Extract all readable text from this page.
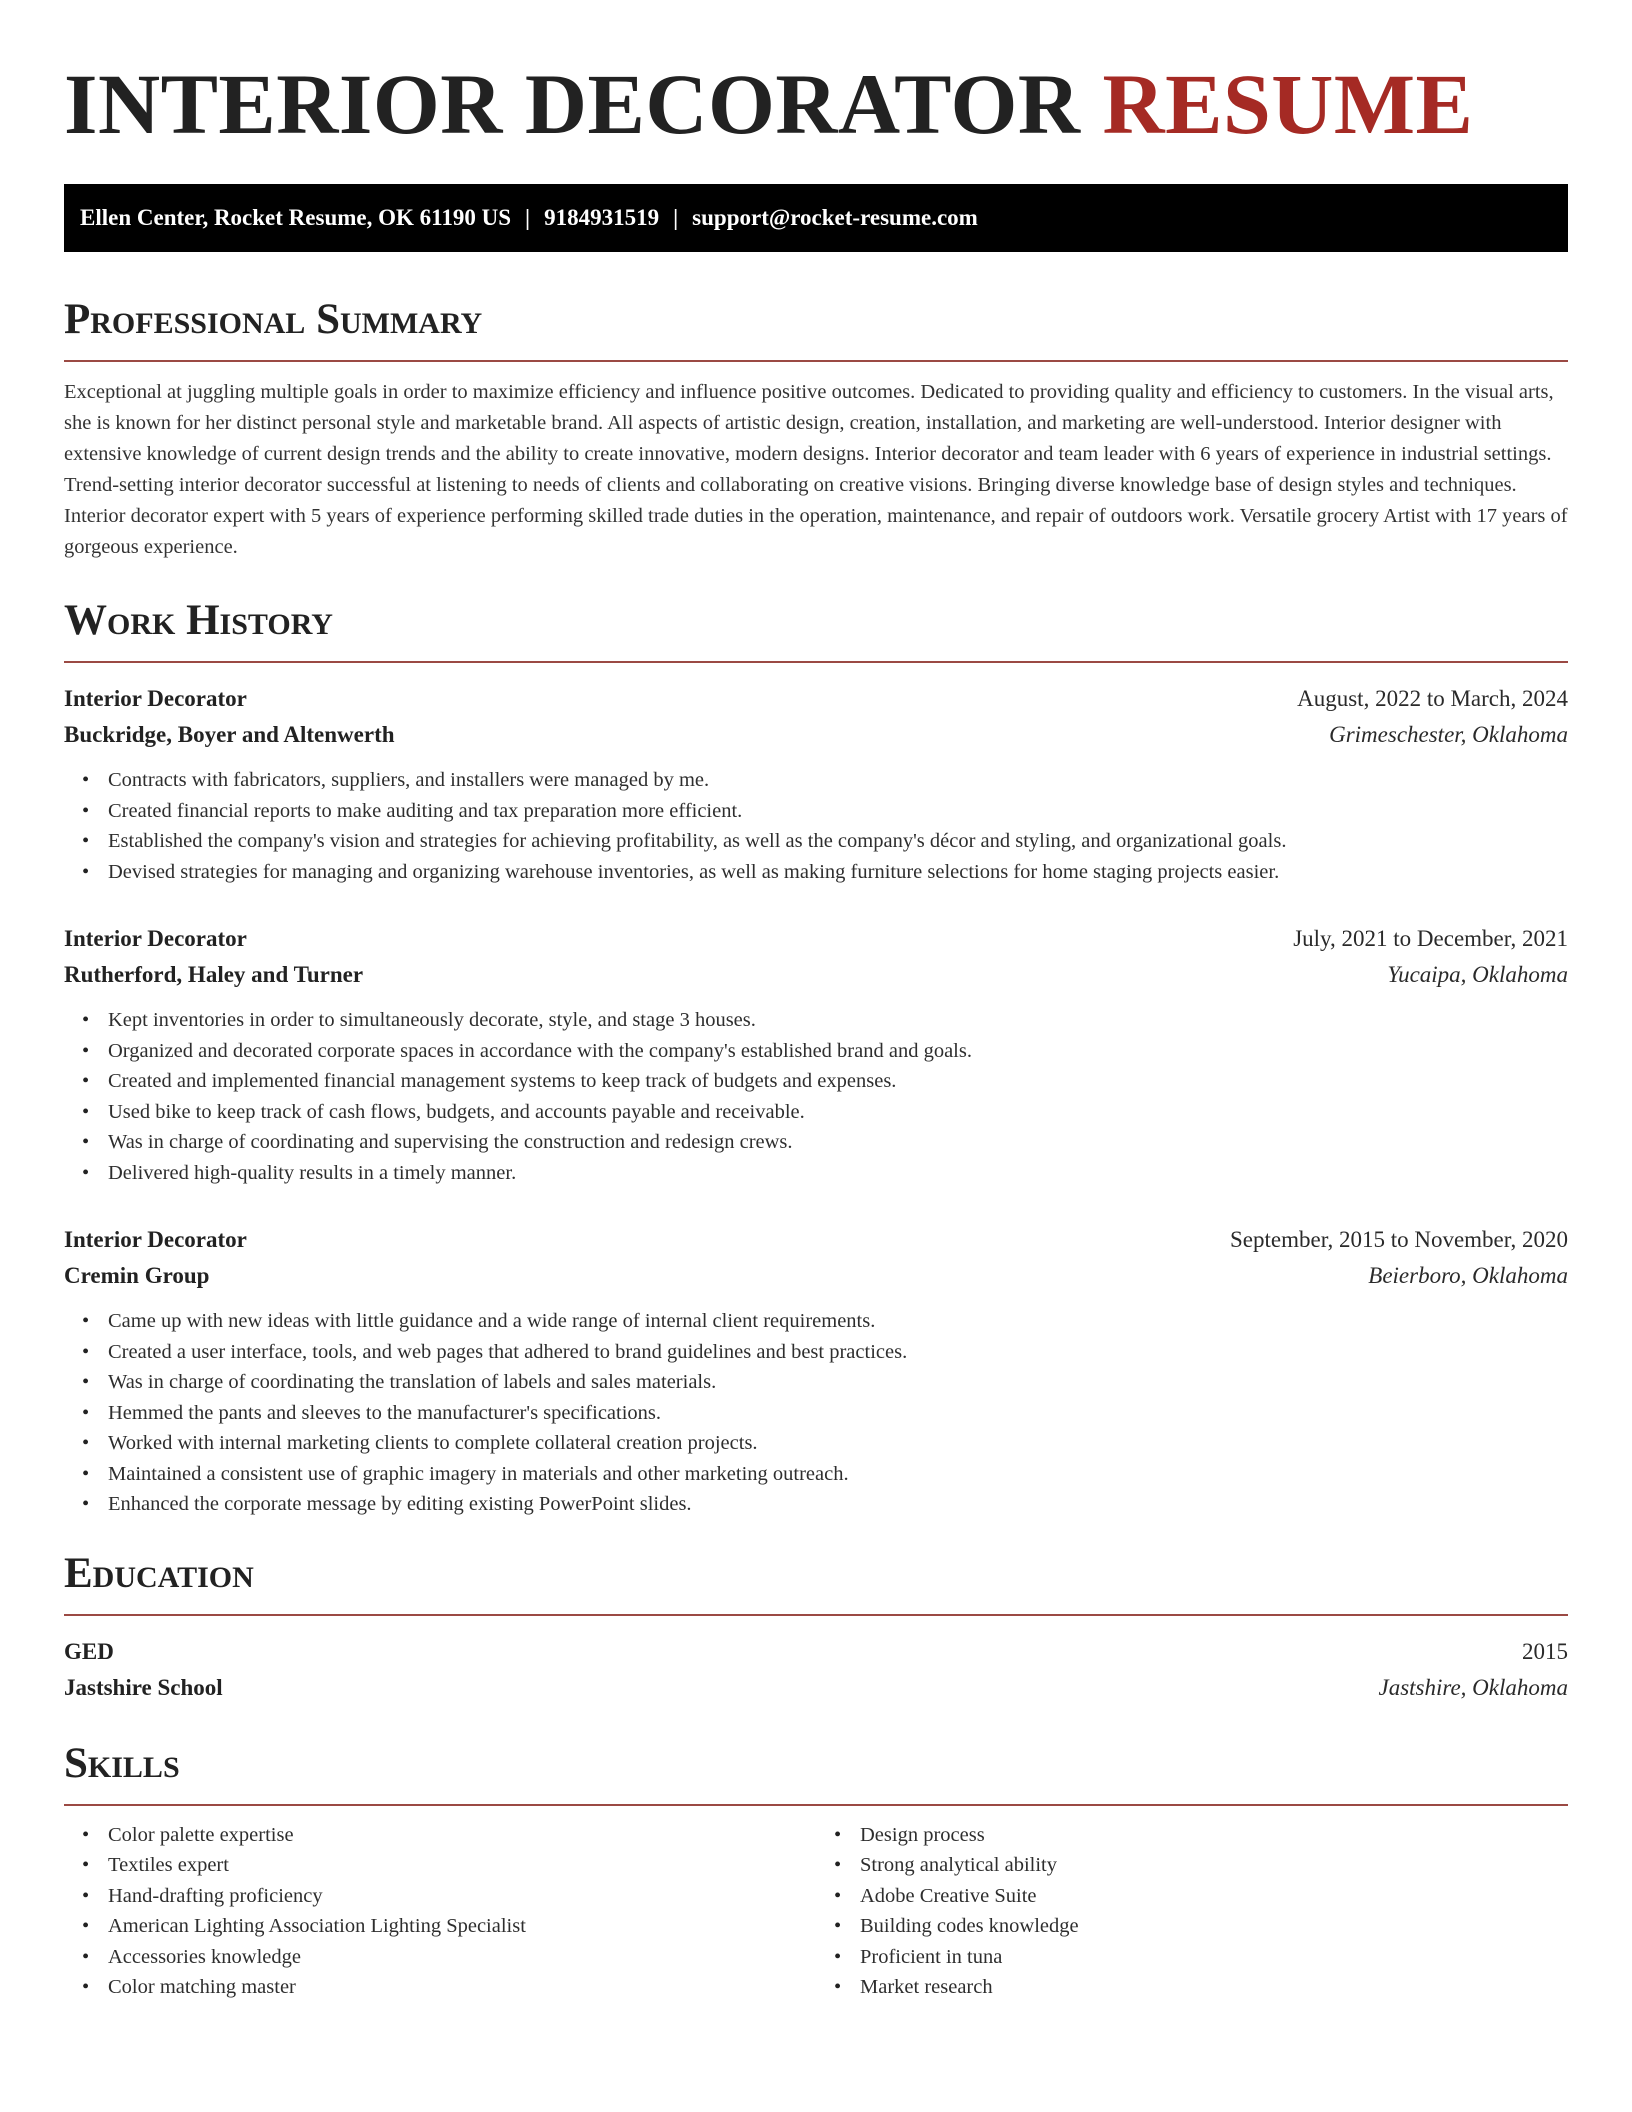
INTERIOR DECORATOR RESUME
Ellen Center, Rocket Resume, OK 61190 US | 9184931519 | support@rocket-resume.com
Professional Summary

Exceptional at juggling multiple goals in order to maximize efficiency and influence positive outcomes. Dedicated to providing quality and efficiency to customers. In the visual arts, she is known for her distinct personal style and marketable brand. All aspects of artistic design, creation, installation, and marketing are well-understood. Interior designer with extensive knowledge of current design trends and the ability to create innovative, modern designs. Interior decorator and team leader with 6 years of experience in industrial settings. Trend-setting interior decorator successful at listening to needs of clients and collaborating on creative visions. Bringing diverse knowledge base of design styles and techniques. Interior decorator expert with 5 years of experience performing skilled trade duties in the operation, maintenance, and repair of outdoors work. Versatile grocery Artist with 17 years of gorgeous experience.

Work History
Interior Decorator	August, 2022 to March, 2024
Buckridge, Boyer and Altenwerth	Grimeschester, Oklahoma
• Contracts with fabricators, suppliers, and installers were managed by me.
• Created financial reports to make auditing and tax preparation more efficient.
• Established the company's vision and strategies for achieving profitability, as well as the company's décor and styling, and organizational goals.
• Devised strategies for managing and organizing warehouse inventories, as well as making furniture selections for home staging projects easier.
Interior Decorator	July, 2021 to December, 2021
Rutherford, Haley and Turner	Yucaipa, Oklahoma
• Kept inventories in order to simultaneously decorate, style, and stage 3 houses.
• Organized and decorated corporate spaces in accordance with the company's established brand and goals.
• Created and implemented financial management systems to keep track of budgets and expenses.
• Used bike to keep track of cash flows, budgets, and accounts payable and receivable.
• Was in charge of coordinating and supervising the construction and redesign crews.
• Delivered high-quality results in a timely manner.
Interior Decorator	September, 2015 to November, 2020
Cremin Group	Beierboro, Oklahoma
• Came up with new ideas with little guidance and a wide range of internal client requirements.
• Created a user interface, tools, and web pages that adhered to brand guidelines and best practices.
• Was in charge of coordinating the translation of labels and sales materials.
• Hemmed the pants and sleeves to the manufacturer's specifications.
• Worked with internal marketing clients to complete collateral creation projects.
• Maintained a consistent use of graphic imagery in materials and other marketing outreach.
• Enhanced the corporate message by editing existing PowerPoint slides.
Education
GED	2015
Jastshire School	Jastshire, Oklahoma
Skills
• Color palette expertise
• Textiles expert
• Hand-drafting proficiency
• American Lighting Association Lighting Specialist
• Accessories knowledge
• Color matching master
• Design process
• Strong analytical ability
• Adobe Creative Suite
• Building codes knowledge
• Proficient in tuna
• Market research
